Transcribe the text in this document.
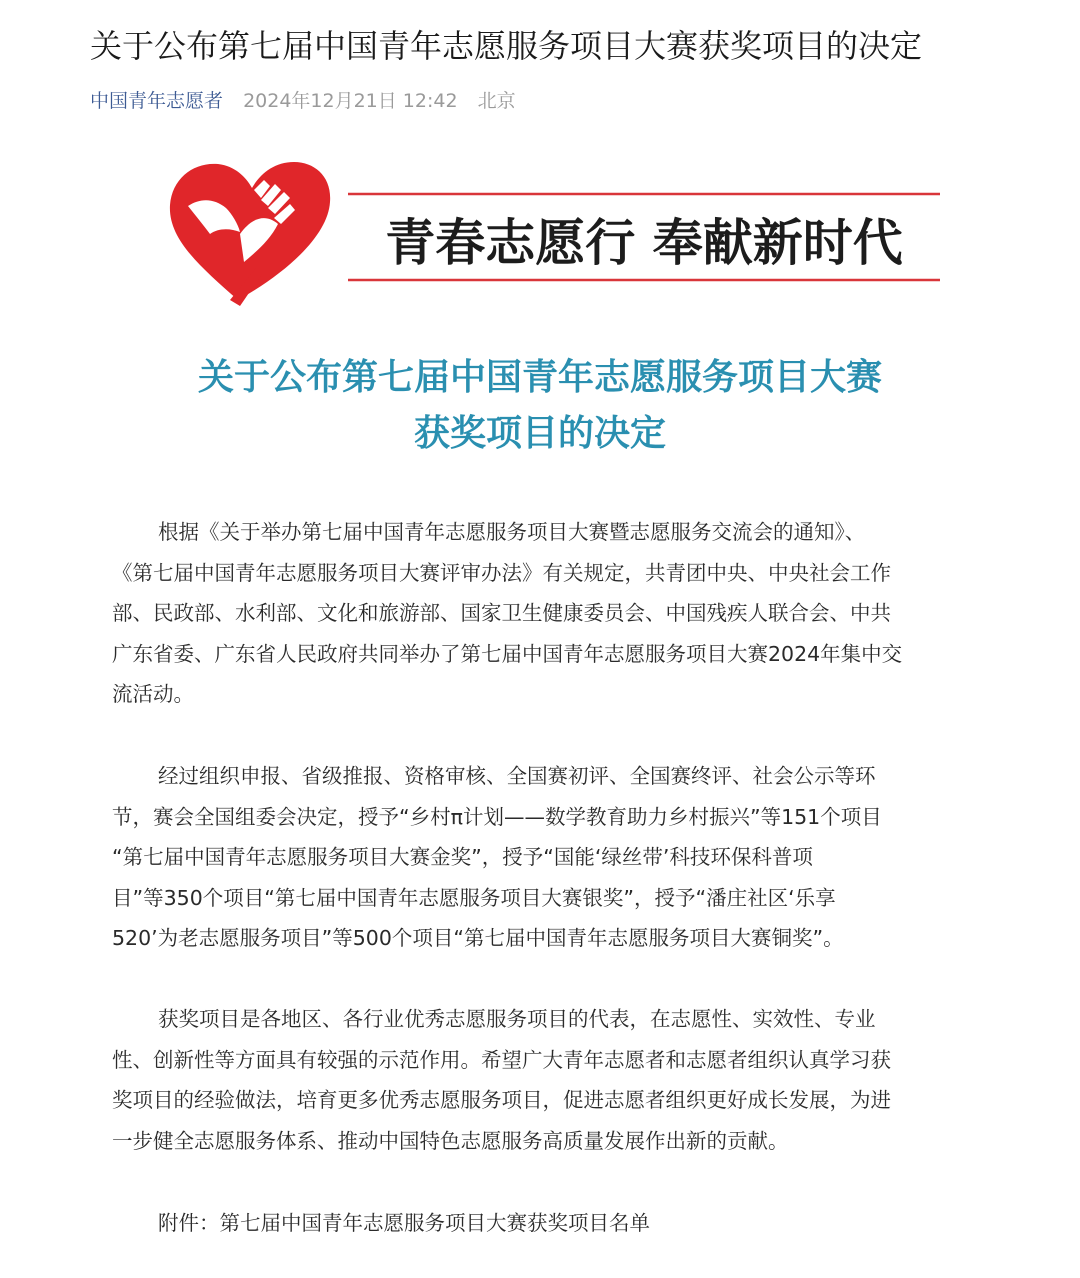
关于公布第七届中国青年志愿服务项目大赛获奖项目的决定
中国青年志愿者 2024年12月21日 12:42 北京
青春志愿行 奉献新时代
关于公布第七届中国青年志愿服务项目大赛
获奖项目的决定
根据《关于举办第七届中国青年志愿服务项目大赛暨志愿服务交流会的通知》、
《第七届中国青年志愿服务项目大赛评审办法》有关规定，共青团中央、中央社会工作
部、民政部、水利部、文化和旅游部、国家卫生健康委员会、中国残疾人联合会、中共
广东省委、广东省人民政府共同举办了第七届中国青年志愿服务项目大赛2024年集中交
流活动。
经过组织申报、省级推报、资格审核、全国赛初评、全国赛终评、社会公示等环
节，赛会全国组委会决定，授予“乡村π计划——数学教育助力乡村振兴”等151个项目
“第七届中国青年志愿服务项目大赛金奖”，授予“国能‘绿丝带’科技环保科普项
目”等350个项目“第七届中国青年志愿服务项目大赛银奖”，授予“潘庄社区‘乐享
520’为老志愿服务项目”等500个项目“第七届中国青年志愿服务项目大赛铜奖”。
获奖项目是各地区、各行业优秀志愿服务项目的代表，在志愿性、实效性、专业
性、创新性等方面具有较强的示范作用。希望广大青年志愿者和志愿者组织认真学习获
奖项目的经验做法，培育更多优秀志愿服务项目，促进志愿者组织更好成长发展，为进
一步健全志愿服务体系、推动中国特色志愿服务高质量发展作出新的贡献。
附件：第七届中国青年志愿服务项目大赛获奖项目名单
